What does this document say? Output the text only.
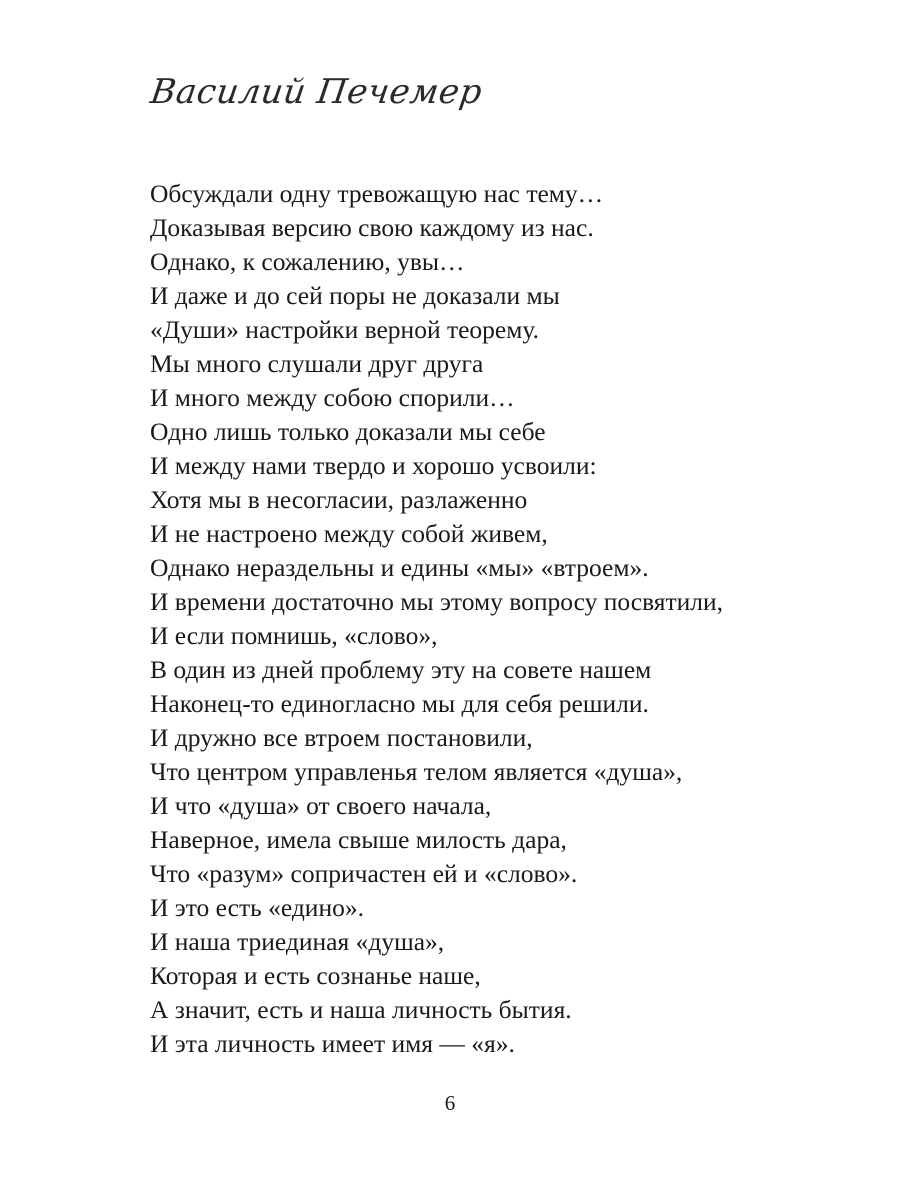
Василий Печемер
Обсуждали одну тревожащую нас тему…
Доказывая версию свою каждому из нас.
Однако, к сожалению, увы…
И даже и до сей поры не доказали мы
«Души» настройки верной теорему.
Мы много слушали друг друга
И много между собою спорили…
Одно лишь только доказали мы себе
И между нами твердо и хорошо усвоили:
Хотя мы в несогласии, разлаженно
И не настроено между собой живем,
Однако нераздельны и едины «мы» «втроем».
И времени достаточно мы этому вопросу посвятили,
И если помнишь, «слово»,
В один из дней проблему эту на совете нашем
Наконец-то единогласно мы для себя решили.
И дружно все втроем постановили,
Что центром управленья телом является «душа»,
И что «душа» от своего начала,
Наверное, имела свыше милость дара,
Что «разум» сопричастен ей и «слово».
И это есть «едино».
И наша триединая «душа»,
Которая и есть сознанье наше,
А значит, есть и наша личность бытия.
И эта личность имеет имя — «я».
6
